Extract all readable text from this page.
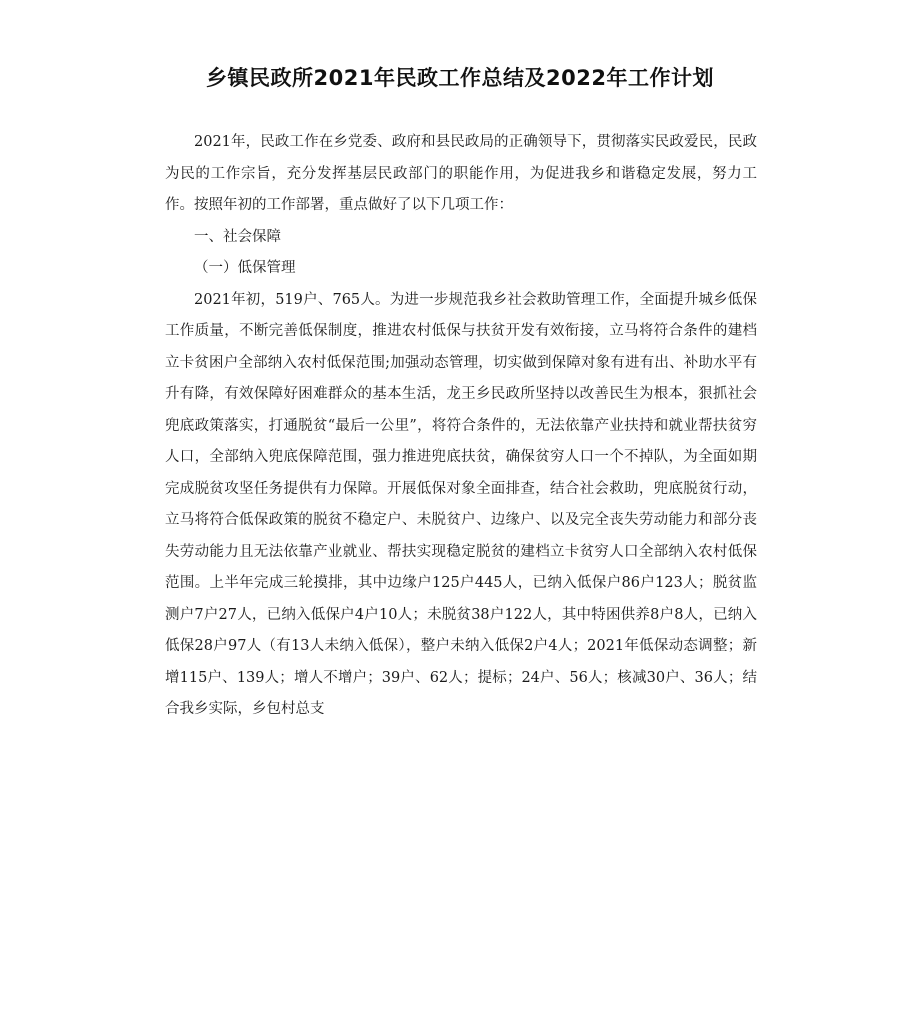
乡镇民政所2021年民政工作总结及2022年工作计划

2021年，民政工作在乡党委、政府和县民政局的正确领导下，贯彻落实民政爱民，民政为民的工作宗旨，充分发挥基层民政部门的职能作用，为促进我乡和谐稳定发展，努力工作。按照年初的工作部署，重点做好了以下几项工作：

一、社会保障

（一）低保管理

2021年初，519户、765人。为进一步规范我乡社会救助管理工作，全面提升城乡低保工作质量，不断完善低保制度，推进农村低保与扶贫开发有效衔接，立马将符合条件的建档立卡贫困户全部纳入农村低保范围;加强动态管理，切实做到保障对象有进有出、补助水平有升有降，有效保障好困难群众的基本生活，龙王乡民政所坚持以改善民生为根本，狠抓社会兜底政策落实，打通脱贫“最后一公里”，将符合条件的，无法依靠产业扶持和就业帮扶贫穷人口，全部纳入兜底保障范围，强力推进兜底扶贫，确保贫穷人口一个不掉队，为全面如期完成脱贫攻坚任务提供有力保障。开展低保对象全面排查，结合社会救助，兜底脱贫行动，立马将符合低保政策的脱贫不稳定户、未脱贫户、边缘户、以及完全丧失劳动能力和部分丧失劳动能力且无法依靠产业就业、帮扶实现稳定脱贫的建档立卡贫穷人口全部纳入农村低保范围。上半年完成三轮摸排，其中边缘户125户445人，已纳入低保户86户123人；脱贫监测户7户27人，已纳入低保户4户10人；未脱贫38户122人，其中特困供养8户8人，已纳入低保28户97人（有13人未纳入低保），整户未纳入低保2户4人；2021年低保动态调整；新增115户、139人；增人不增户；39户、62人；提标；24户、56人；核减30户、36人；结合我乡实际，乡包村总支
